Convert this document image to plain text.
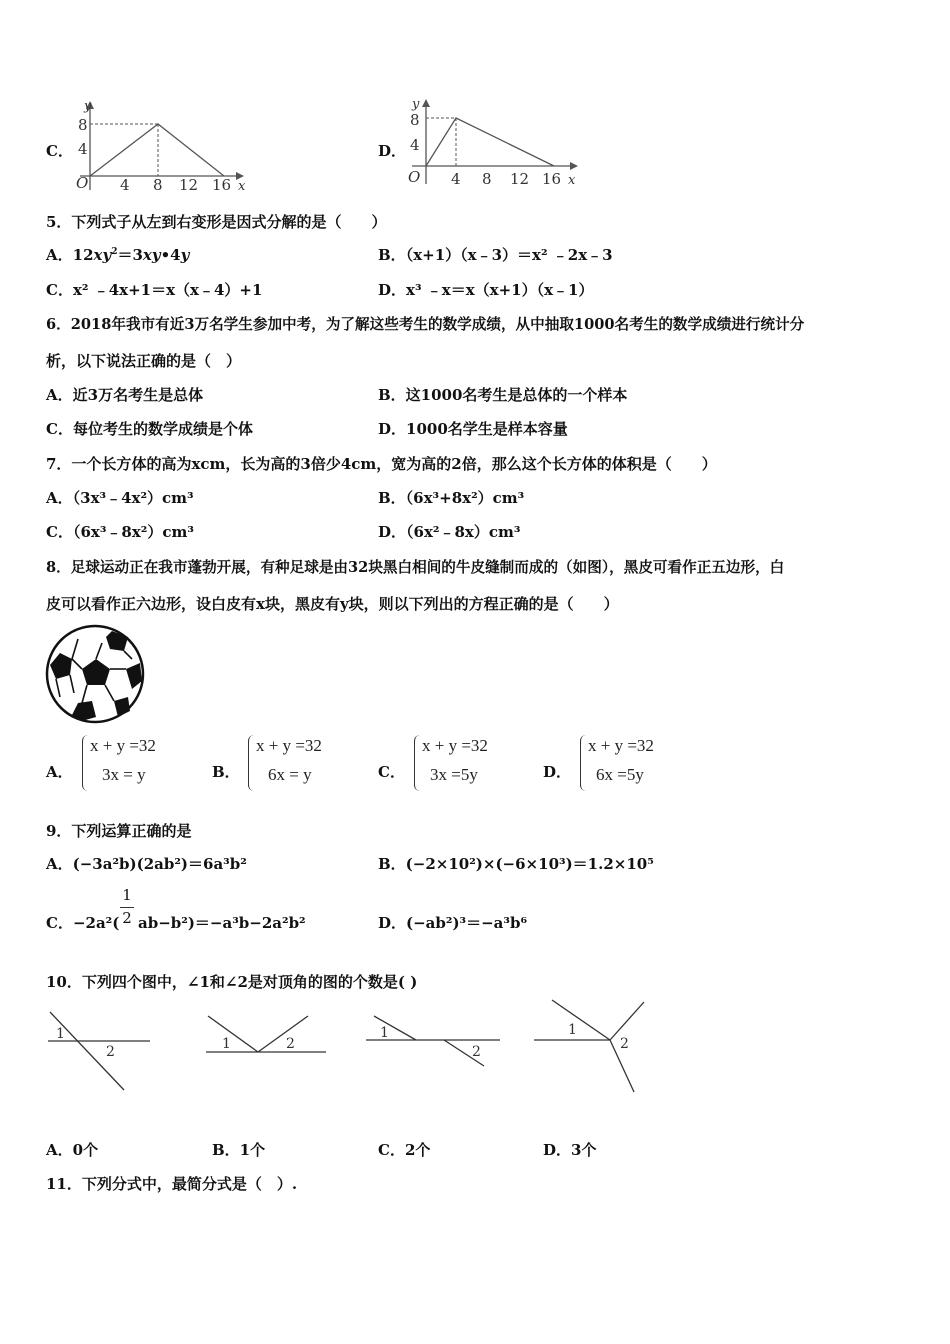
C．
y
8
4
O 4 8 12 16 x
D．
y
8
4
O 4 8 12 16 x
5．下列式子从左到右变形是因式分解的是（　　）
A．$12xy^2=3xy•4y$	B．（x+1）（x﹣3）＝x² ﹣2x﹣3
C．x² ﹣4x+1＝x（x﹣4）+1	D．x³ ﹣x＝x（x+1）（x﹣1）
6．2018年我市有近3万名学生参加中考，为了解这些考生的数学成绩，从中抽取1000名考生的数学成绩进行统计分
析，以下说法正确的是（　）
A．近3万名考生是总体	B．这1000名考生是总体的一个样本
C．每位考生的数学成绩是个体	D．1000名学生是样本容量
7．一个长方体的高为xcm，长为高的3倍少4cm，宽为高的2倍，那么这个长方体的体积是（　　）
A．（3x³﹣4x²）cm³	B．（6x³+8x²）cm³
C．（6x³﹣8x²）cm³	D．（6x²﹣8x）cm³
8．足球运动正在我市蓬勃开展，有种足球是由32块黑白相间的牛皮缝制而成的（如图），黑皮可看作正五边形，白
皮可以看作正六边形，设白皮有x块，黑皮有y块，则以下列出的方程正确的是（　　）
A．
x + y =32
3x = y	B．
x + y =32
6x = y	C．
x + y =32
3x =5y	D．
x + y =32
6x =5y
9．下列运算正确的是
A．(−3a²b)(2ab²)＝6a³b²	B．(−2×10²)×(−6×10³)＝1.2×10⁵
C．−2a²(
1
2 ab−b²)＝−a³b−2a²b²	D．(−ab²)³＝−a³b⁶
10．下列四个图中，∠1和∠2是对顶角的图的个数是( )
1
2	1	2
1
2
1
2
A．0个	B．1个	C．2个	D．3个
11．下列分式中，最简分式是（　）.
